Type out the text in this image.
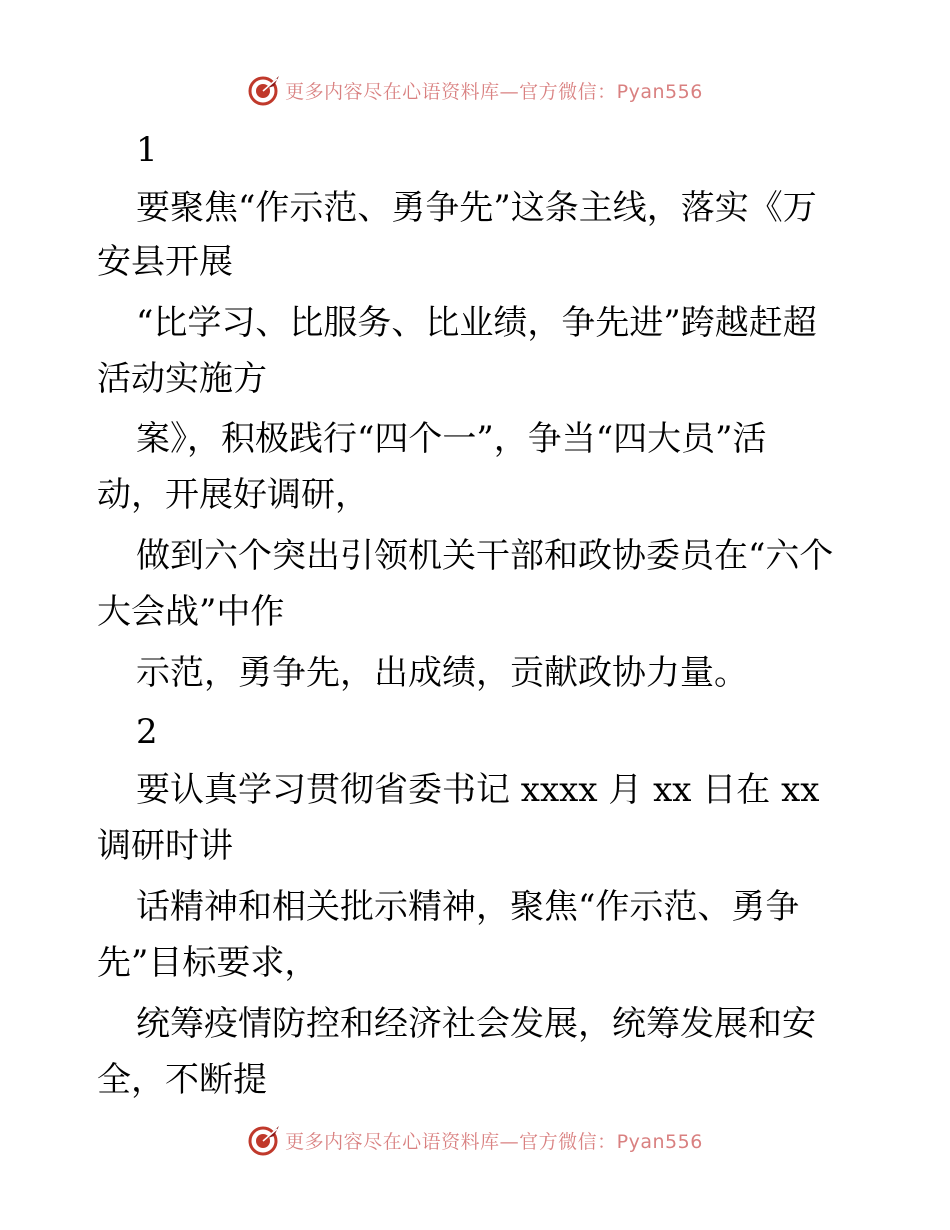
更多内容尽在心语资料库—官方微信：Pyan556
1
要聚焦“作示范、勇争先”这条主线，落实《万
安县开展
“比学习、比服务、比业绩，争先进”跨越赶超
活动实施方
案》，积极践行“四个一”，争当“四大员”活
动，开展好调研，
做到六个突出引领机关干部和政协委员在“六个
大会战”中作
示范，勇争先，出成绩，贡献政协力量。
2
要认真学习贯彻省委书记 xxxx 月 xx 日在 xx
调研时讲
话精神和相关批示精神，聚焦“作示范、勇争
先”目标要求，
统筹疫情防控和经济社会发展，统筹发展和安
全，不断提
更多内容尽在心语资料库—官方微信：Pyan556
